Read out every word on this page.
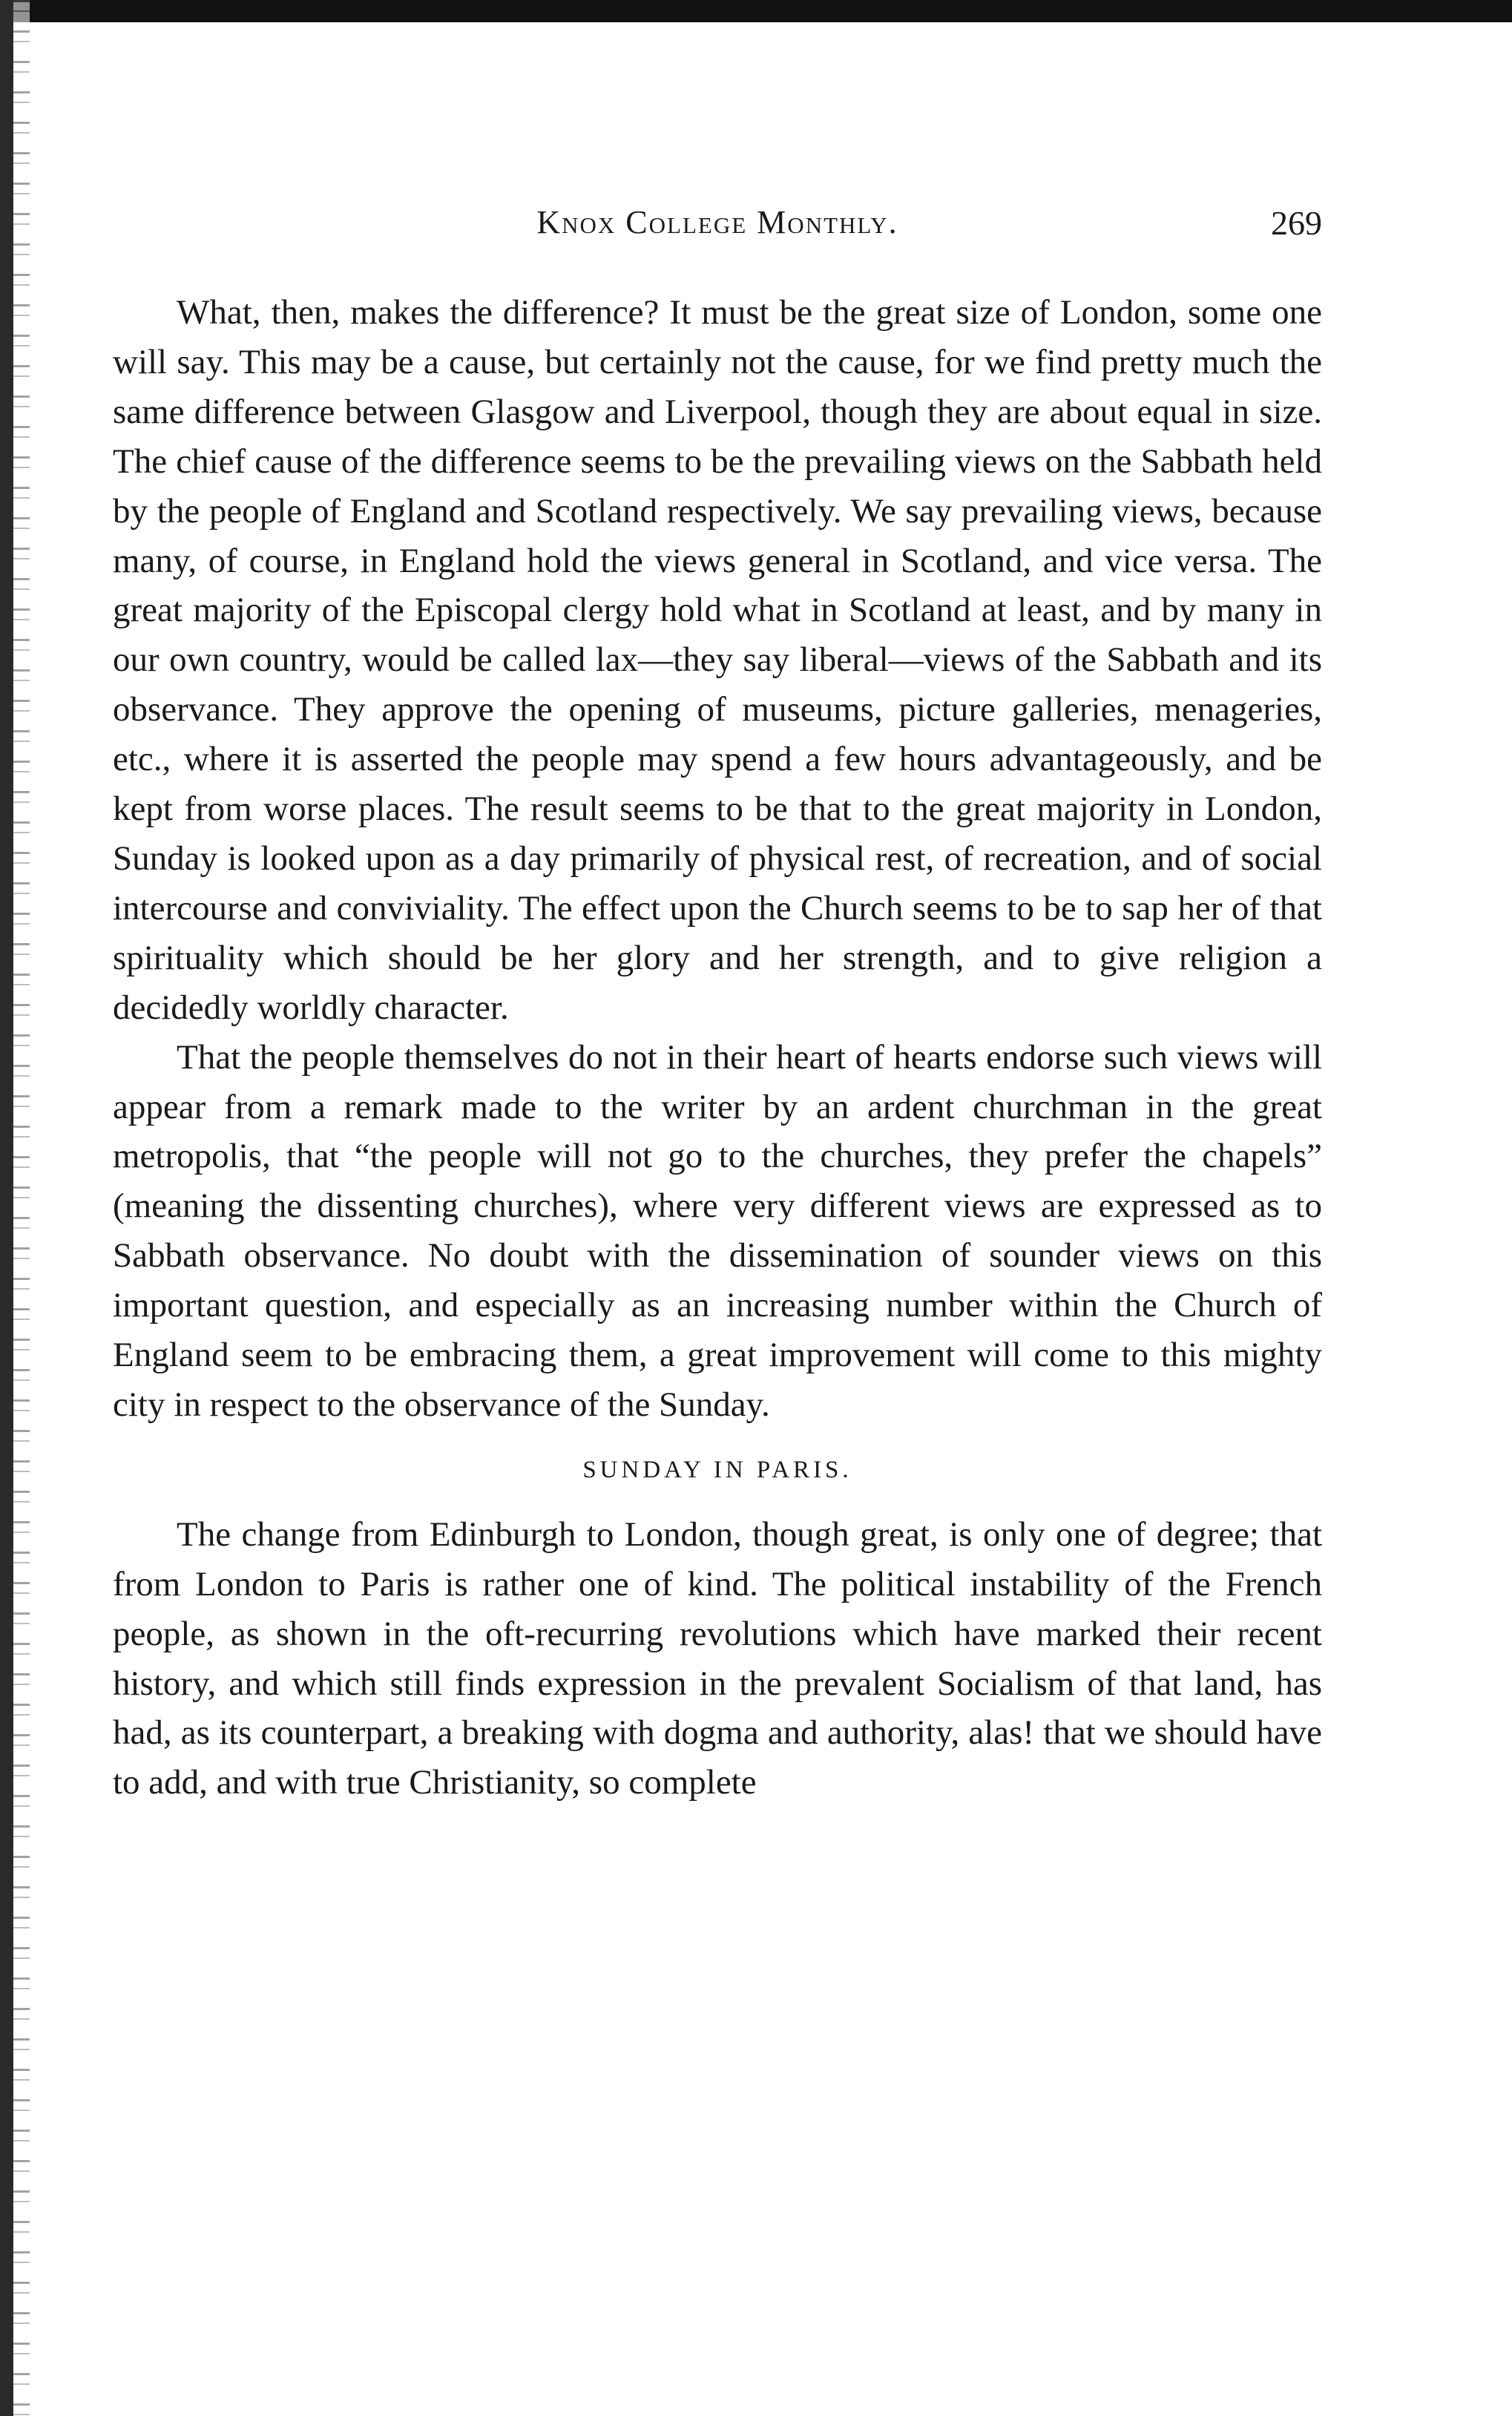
Knox College Monthly.	269

What, then, makes the difference? It must be the great size of London, some one will say. This may be a cause, but certainly not the cause, for we find pretty much the same difference between Glasgow and Liverpool, though they are about equal in size. The chief cause of the difference seems to be the prevailing views on the Sabbath held by the people of England and Scotland respectively. We say prevailing views, because many, of course, in England hold the views general in Scotland, and vice versa. The great majority of the Episcopal clergy hold what in Scotland at least, and by many in our own country, would be called lax—they say liberal—views of the Sabbath and its observance. They approve the opening of museums, picture galleries, menageries, etc., where it is asserted the people may spend a few hours advantageously, and be kept from worse places. The result seems to be that to the great majority in London, Sunday is looked upon as a day primarily of physical rest, of recreation, and of social intercourse and conviviality. The effect upon the Church seems to be to sap her of that spirituality which should be her glory and her strength, and to give religion a decidedly worldly character.

That the people themselves do not in their heart of hearts endorse such views will appear from a remark made to the writer by an ardent churchman in the great metropolis, that “the people will not go to the churches, they prefer the chapels” (meaning the dissenting churches), where very different views are expressed as to Sabbath observance. No doubt with the dissemination of sounder views on this important question, and especially as an increasing number within the Church of England seem to be embracing them, a great improvement will come to this mighty city in respect to the observance of the Sunday.

SUNDAY IN PARIS.

The change from Edinburgh to London, though great, is only one of degree; that from London to Paris is rather one of kind. The political instability of the French people, as shown in the oft-recurring revolutions which have marked their recent history, and which still finds expression in the prevalent Socialism of that land, has had, as its counterpart, a breaking with dogma and authority, alas! that we should have to add, and with true Christianity, so complete
